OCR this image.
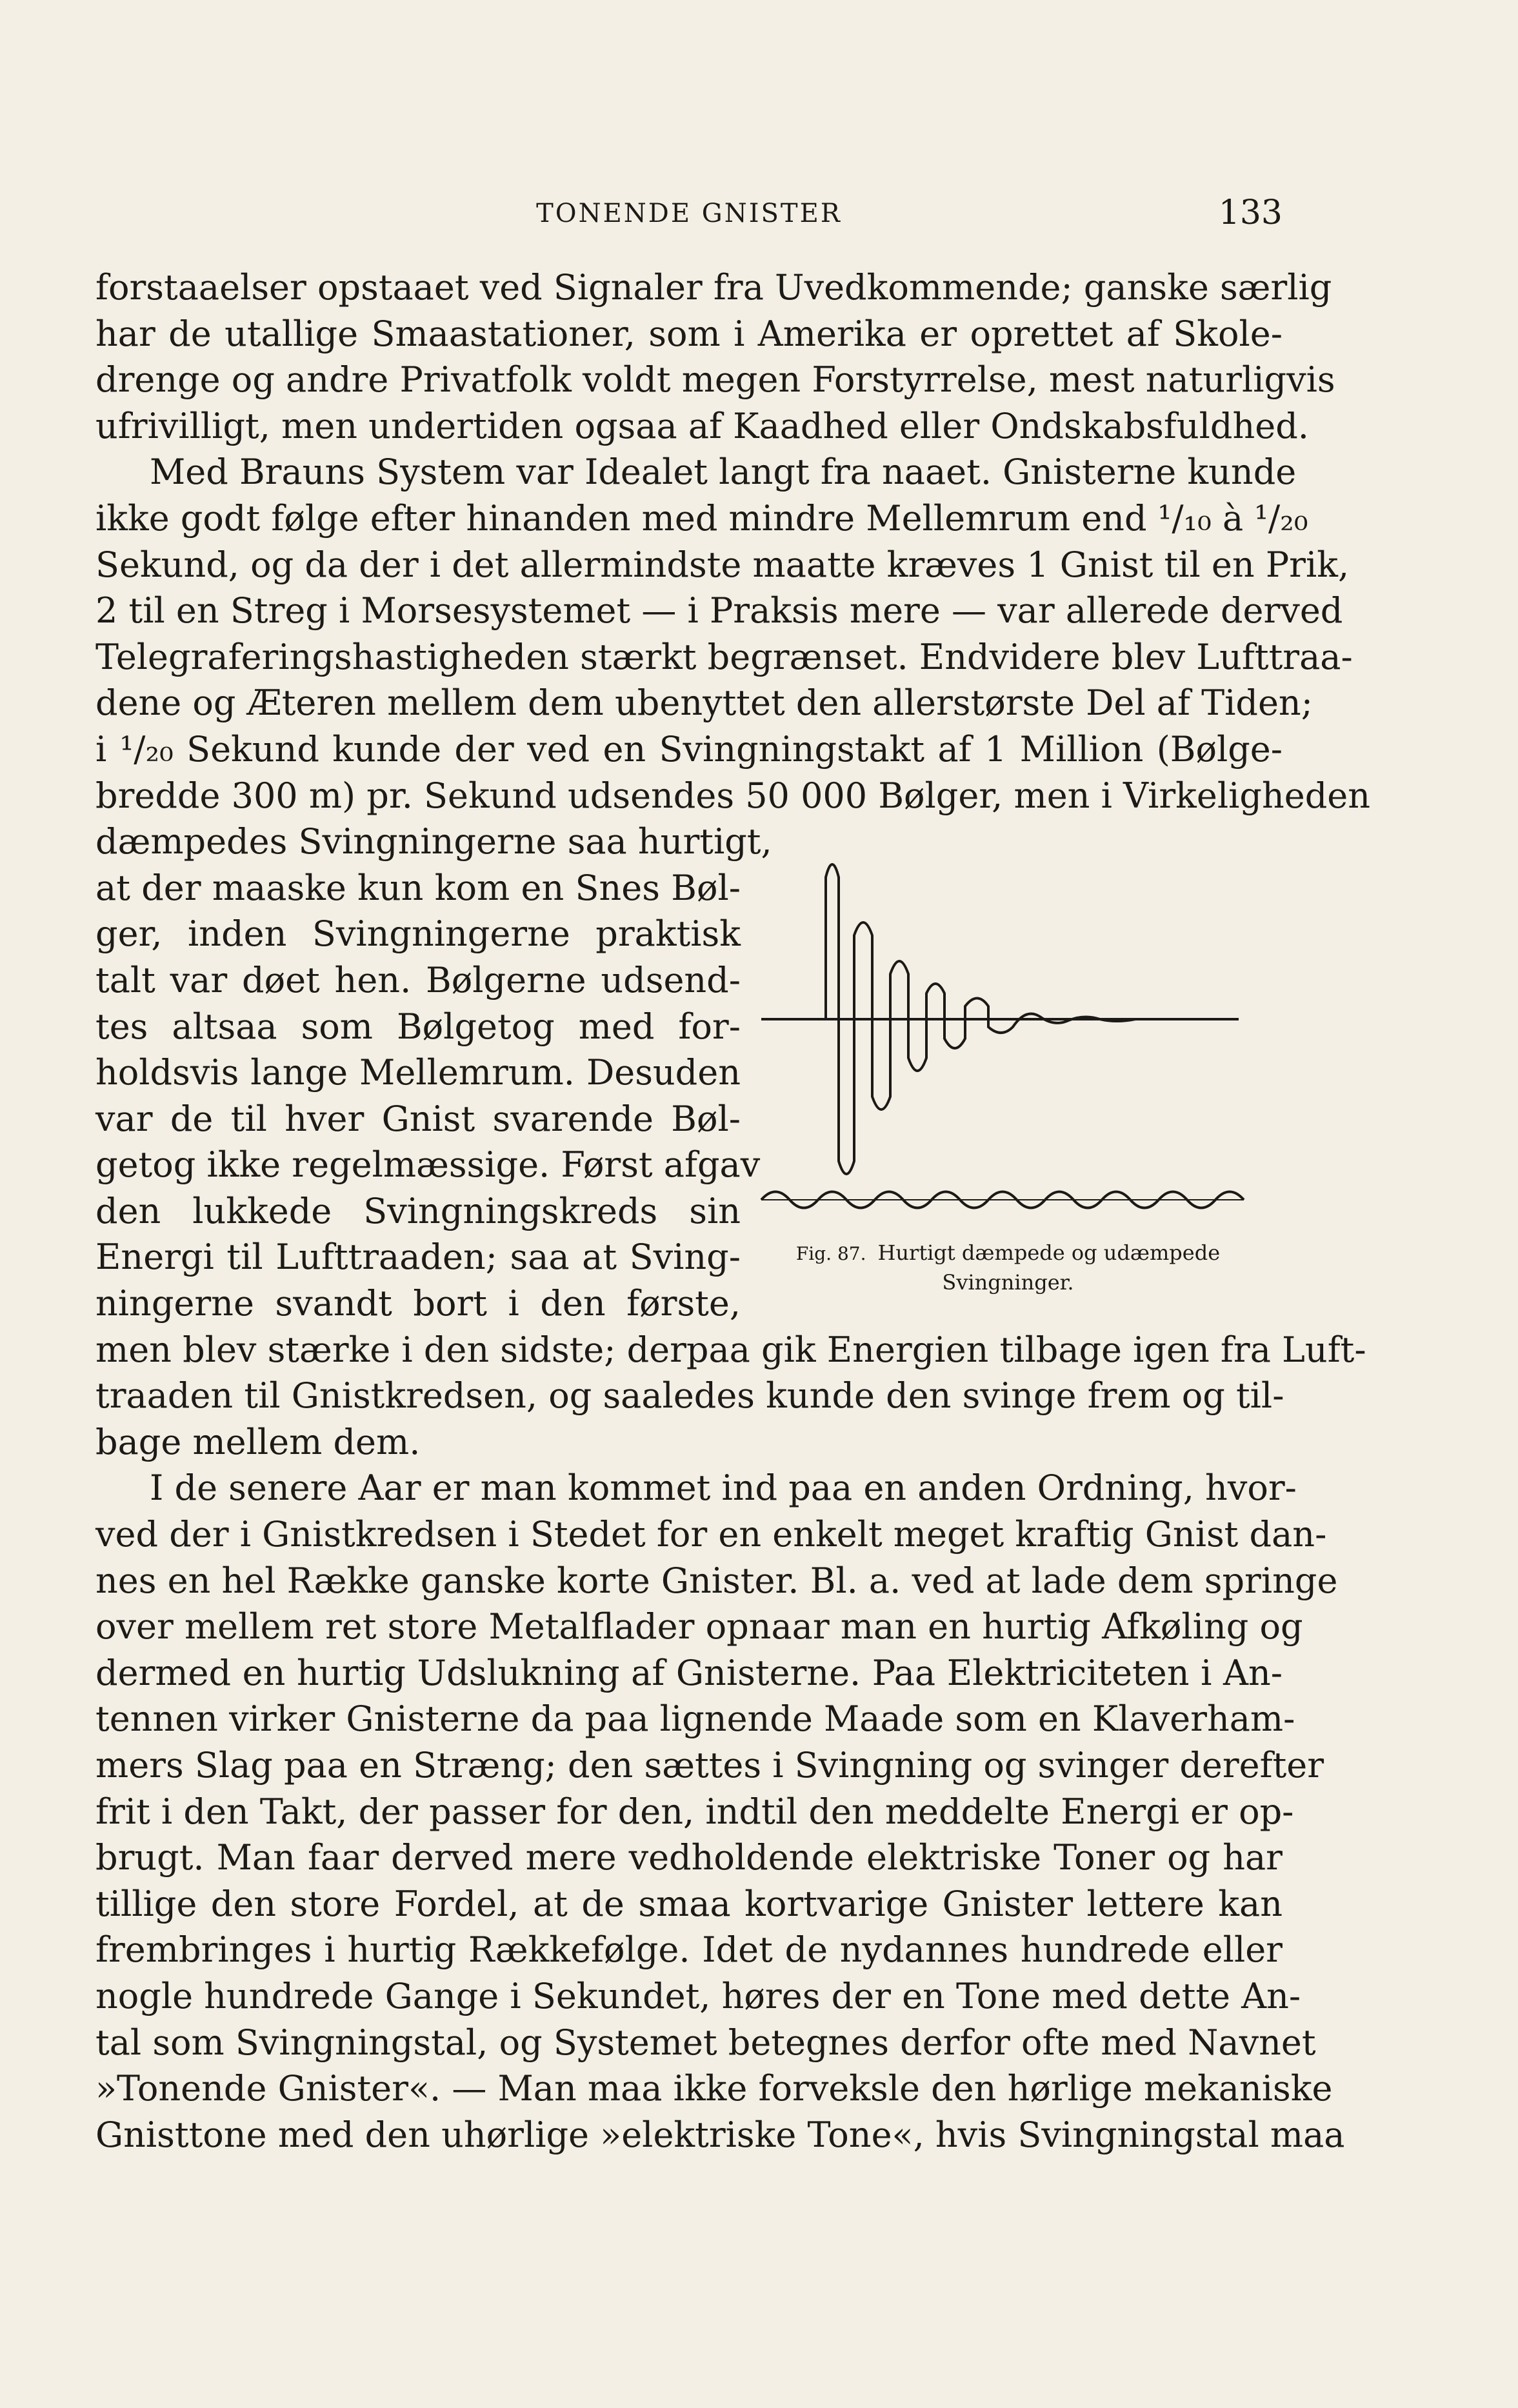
TONENDE GNISTER	133
forstaaelser opstaaet ved Signaler fra Uvedkommende; ganske særlig
har de utallige Smaastationer, som i Amerika er oprettet af Skole-
drenge og andre Privatfolk voldt megen Forstyrrelse, mest naturligvis
ufrivilligt, men undertiden ogsaa af Kaadhed eller Ondskabsfuldhed.
Med Brauns System var Idealet langt fra naaet. Gnisterne kunde
ikke godt følge efter hinanden med mindre Mellemrum end ¹/₁₀ à ¹/₂₀
Sekund, og da der i det allermindste maatte kræves 1 Gnist til en Prik,
2 til en Streg i Morsesystemet — i Praksis mere — var allerede derved
Telegraferingshastigheden stærkt begrænset. Endvidere blev Lufttraa-
dene og Æteren mellem dem ubenyttet den allerstørste Del af Tiden;
i ¹/₂₀ Sekund kunde der ved en Svingningstakt af 1 Million (Bølge-
bredde 300 m) pr. Sekund udsendes 50 000 Bølger, men i Virkeligheden
dæmpedes Svingningerne saa hurtigt,
at der maaske kun kom en Snes Bøl-
ger, inden Svingningerne praktisk
talt var døet hen. Bølgerne udsend-
tes altsaa som Bølgetog med for-
holdsvis lange Mellemrum. Desuden
var de til hver Gnist svarende Bøl-
getog ikke regelmæssige. Først afgav
den lukkede Svingningskreds sin
Energi til Lufttraaden; saa at Sving-
ningerne svandt bort i den første,
men blev stærke i den sidste; derpaa gik Energien tilbage igen fra Luft-
traaden til Gnistkredsen, og saaledes kunde den svinge frem og til-
bage mellem dem.
I de senere Aar er man kommet ind paa en anden Ordning, hvor-
ved der i Gnistkredsen i Stedet for en enkelt meget kraftig Gnist dan-
nes en hel Række ganske korte Gnister. Bl. a. ved at lade dem springe
over mellem ret store Metalflader opnaar man en hurtig Afkøling og
dermed en hurtig Udslukning af Gnisterne. Paa Elektriciteten i An-
tennen virker Gnisterne da paa lignende Maade som en Klaverham-
mers Slag paa en Stræng; den sættes i Svingning og svinger derefter
frit i den Takt, der passer for den, indtil den meddelte Energi er op-
brugt. Man faar derved mere vedholdende elektriske Toner og har
tillige den store Fordel, at de smaa kortvarige Gnister lettere kan
frembringes i hurtig Rækkefølge. Idet de nydannes hundrede eller
nogle hundrede Gange i Sekundet, høres der en Tone med dette An-
tal som Svingningstal, og Systemet betegnes derfor ofte med Navnet
»Tonende Gnister«. — Man maa ikke forveksle den hørlige mekaniske
Gnisttone med den uhørlige »elektriske Tone«, hvis Svingningstal maa
Fig. 87. Hurtigt dæmpede og udæmpede Svingninger.
